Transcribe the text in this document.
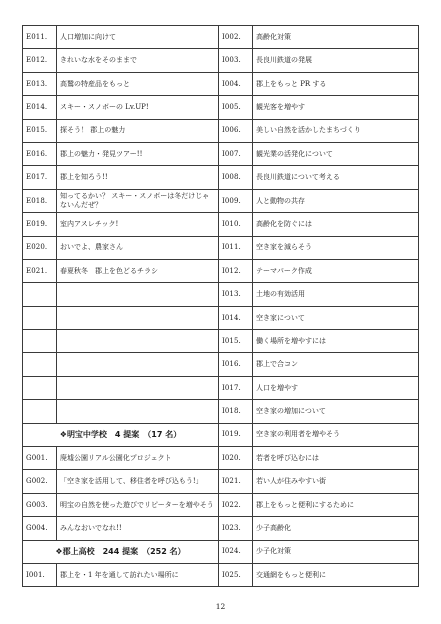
E011.	人口増加に向けて	I002.	高齢化対策
E012.	きれいな水をそのままで	I003.	長良川鉄道の発展
E013.	高鷲の特産品をもっと	I004.	郡上をもっと PR する
E014.	スキー・スノボーの Lv.UP!	I005.	観光客を増やす
E015.	探そう！ 郡上の魅力	I006.	美しい自然を活かしたまちづくり
E016.	郡上の魅力・発見ツアー!!	I007.	観光業の活発化について
E017.	郡上を知ろう!!	I008.	長良川鉄道について考える
E018.	知ってるかい？ スキー・スノボーは冬だけじゃないんだぜ？	I009.	人と動物の共存
E019.	室内アスレチック!	I010.	高齢化を防ぐには
E020.	おいでよ、農家さん	I011.	空き家を減らそう
E021.	春夏秋冬　郡上を色どるチラシ	I012.	テーマパーク作成
		I013.	土地の有効活用
		I014.	空き家について
		I015.	働く場所を増やすには
		I016.	郡上で合コン
		I017.	人口を増やす
		I018.	空き家の増加について
❖明宝中学校　4 提案　（17 名）		I019.	空き家の利用者を増やそう
G001.	廃墟公園リアル公園化プロジェクト	I020.	若者を呼び込むには
G002.	「空き家を活用して、移住者を呼び込もう!」	I021.	若い人が住みやすい街
G003.	明宝の自然を使った遊びでリピーターを増やそう	I022.	郡上をもっと便利にするために
G004.	みんなおいでなれ!!	I023.	少子高齢化
❖郡上高校　244 提案　（252 名）		I024.	少子化対策
I001.	郡上を・1 年を通して訪れたい場所に	I025.	交通網をもっと便利に
12
